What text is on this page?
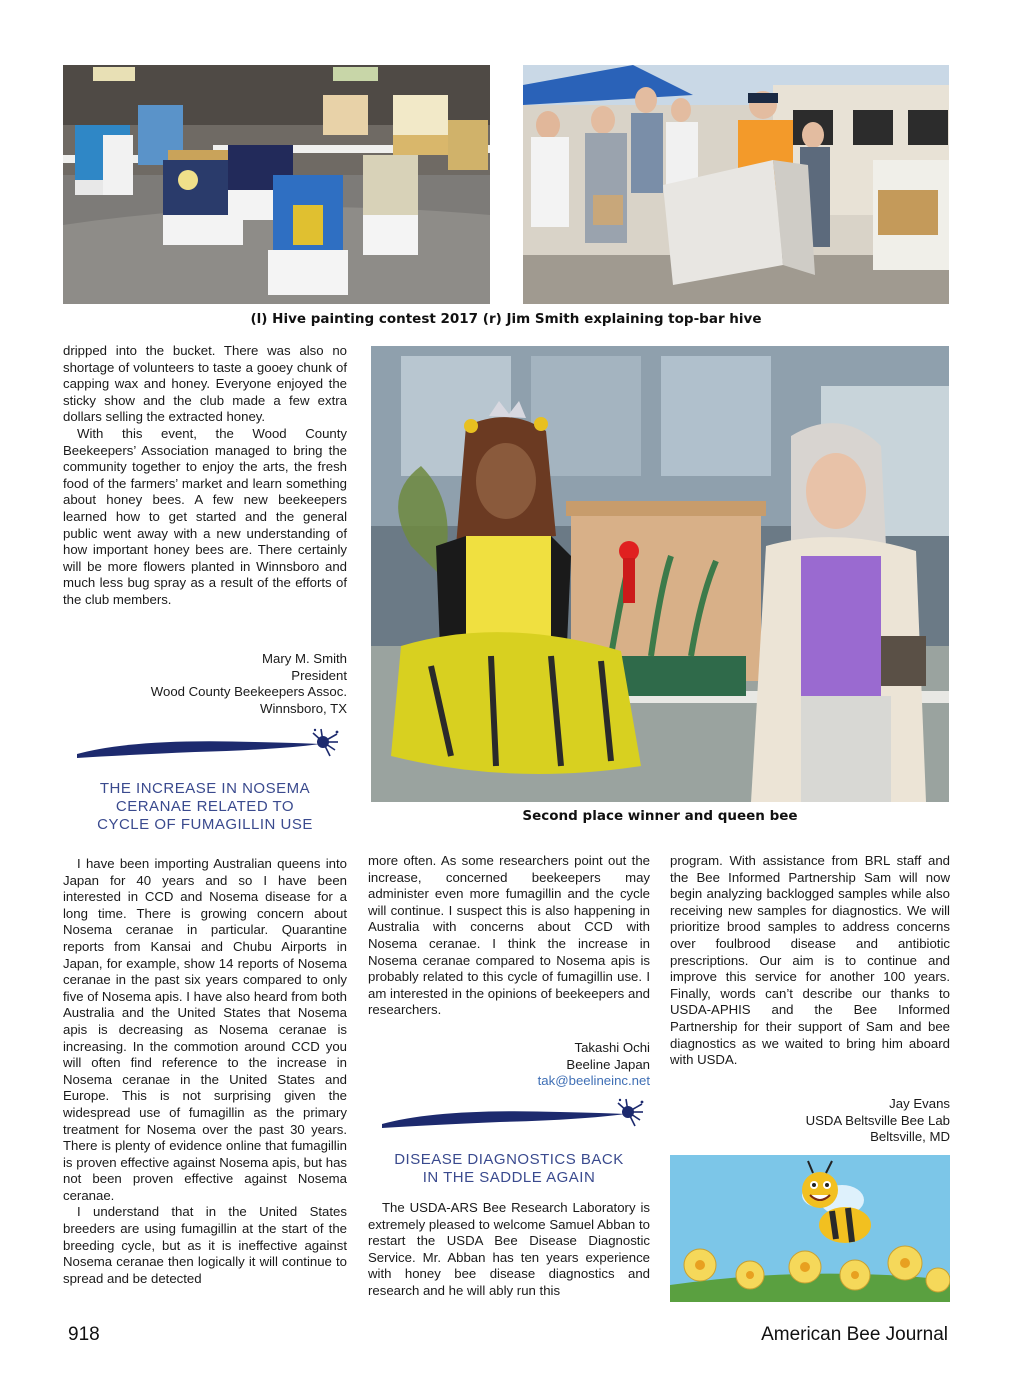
(l) Hive painting contest 2017 (r) Jim Smith explaining top-bar hive

dripped into the bucket. There was also no shortage of volunteers to taste a gooey chunk of capping wax and honey. Everyone enjoyed the sticky show and the club made a few extra dollars selling the extracted honey.

With this event, the Wood County Beekeepers’ Association managed to bring the community together to enjoy the arts, the fresh food of the farmers’ market and learn something about honey bees. A few new beekeepers learned how to get started and the general public went away with a new understanding of how important honey bees are. There certainly will be more flowers planted in Winnsboro and much less bug spray as a result of the efforts of the club members.

Mary M. Smith
President
Wood County Beekeepers Assoc.
Winnsboro, TX
THE INCREASE IN NOSEMA
CERANAE RELATED TO
CYCLE OF FUMAGILLIN USE	Second place winner and queen bee

I have been importing Australian queens into Japan for 40 years and so I have been interested in CCD and Nosema disease for a long time. There is growing concern about Nosema ceranae in particular. Quarantine reports from Kansai and Chubu Airports in Japan, for example, show 14 reports of Nosema ceranae in the past six years compared to only five of Nosema apis. I have also heard from both Australia and the United States that Nosema apis is decreasing as Nosema ceranae is increasing. In the commotion around CCD you will often find reference to the increase in Nosema ceranae in the United States and Europe. This is not surprising given the widespread use of fumagillin as the primary treatment for Nosema over the past 30 years. There is plenty of evidence online that fumagillin is proven effective against Nosema apis, but has not been proven effective against Nosema ceranae.

I understand that in the United States breeders are using fumagillin at the start of the breeding cycle, but as it is ineffective against Nosema ceranae then logically it will continue to spread and be detected

more often. As some researchers point out the increase, concerned beekeepers may administer even more fumagillin and the cycle will continue. I suspect this is also happening in Australia with concerns about CCD with Nosema ceranae. I think the increase in Nosema ceranae compared to Nosema apis is probably related to this cycle of fumagillin use. I am interested in the opinions of beekeepers and researchers.

Takashi Ochi
Beeline Japan
tak@beelineinc.net
DISEASE DIAGNOSTICS BACK
IN THE SADDLE AGAIN

The USDA-ARS Bee Research Laboratory is extremely pleased to welcome Samuel Abban to restart the USDA Bee Disease Diagnostic Service. Mr. Abban has ten years experience with honey bee disease diagnostics and research and he will ably run this

program. With assistance from BRL staff and the Bee Informed Partnership Sam will now begin analyzing backlogged samples while also receiving new samples for diagnostics. We will prioritize brood samples to address concerns over foulbrood disease and antibiotic prescriptions. Our aim is to continue and improve this service for another 100 years. Finally, words can’t describe our thanks to USDA-APHIS and the Bee Informed Partnership for their support of Sam and bee diagnostics as we waited to bring him aboard with USDA.

Jay Evans
USDA Beltsville Bee Lab
Beltsville, MD
918	American Bee Journal
